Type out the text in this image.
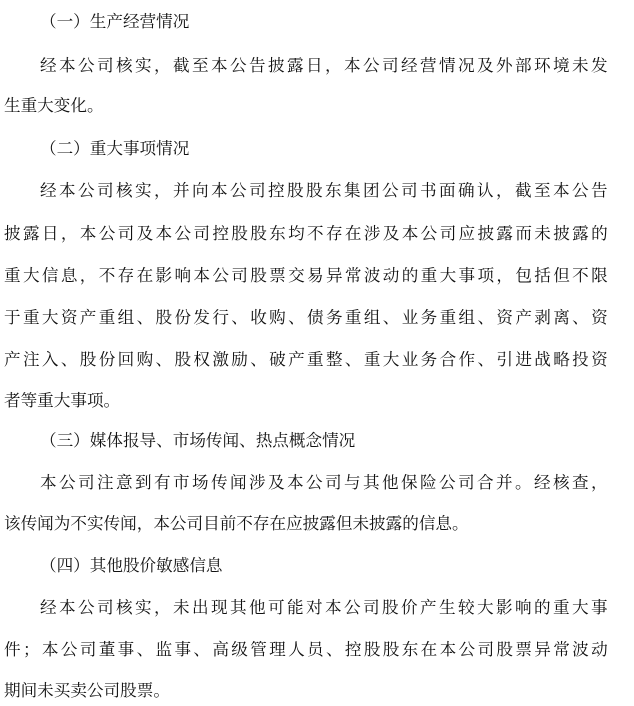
（一）生产经营情况
经 本 公 司 核 实 ， 截 至 本 公 告 披 露 日 ， 本 公 司 经 营 情 况 及 外 部 环 境 未 发
生重大变化。
（二）重大事项情况
经 本 公 司 核 实 ， 并 向 本 公 司 控 股 股 东 集 团 公 司 书 面 确 认 ， 截 至 本 公 告
披 露 日 ， 本 公 司 及 本 公 司 控 股 股 东 均 不 存 在 涉 及 本 公 司 应 披 露 而 未 披 露 的
重 大 信 息 ， 不 存 在 影 响 本 公 司 股 票 交 易 异 常 波 动 的 重 大 事 项 ， 包 括 但 不 限
于 重 大 资 产 重 组 、 股 份 发 行 、 收 购 、 债 务 重 组 、 业 务 重 组 、 资 产 剥 离 、 资
产 注 入 、 股 份 回 购 、 股 权 激 励 、 破 产 重 整 、 重 大 业 务 合 作 、 引 进 战 略 投 资
者等重大事项。
（三）媒体报导、市场传闻、热点概念情况
本 公 司 注 意 到 有 市 场 传 闻 涉 及 本 公 司 与 其 他 保 险 公 司 合 并 。 经 核 查 ，
该传闻为不实传闻，本公司目前不存在应披露但未披露的信息。
（四）其他股价敏感信息
经 本 公 司 核 实 ， 未 出 现 其 他 可 能 对 本 公 司 股 价 产 生 较 大 影 响 的 重 大 事
件 ； 本 公 司 董 事 、 监 事 、 高 级 管 理 人 员 、 控 股 股 东 在 本 公 司 股 票 异 常 波 动
期间未买卖公司股票。
